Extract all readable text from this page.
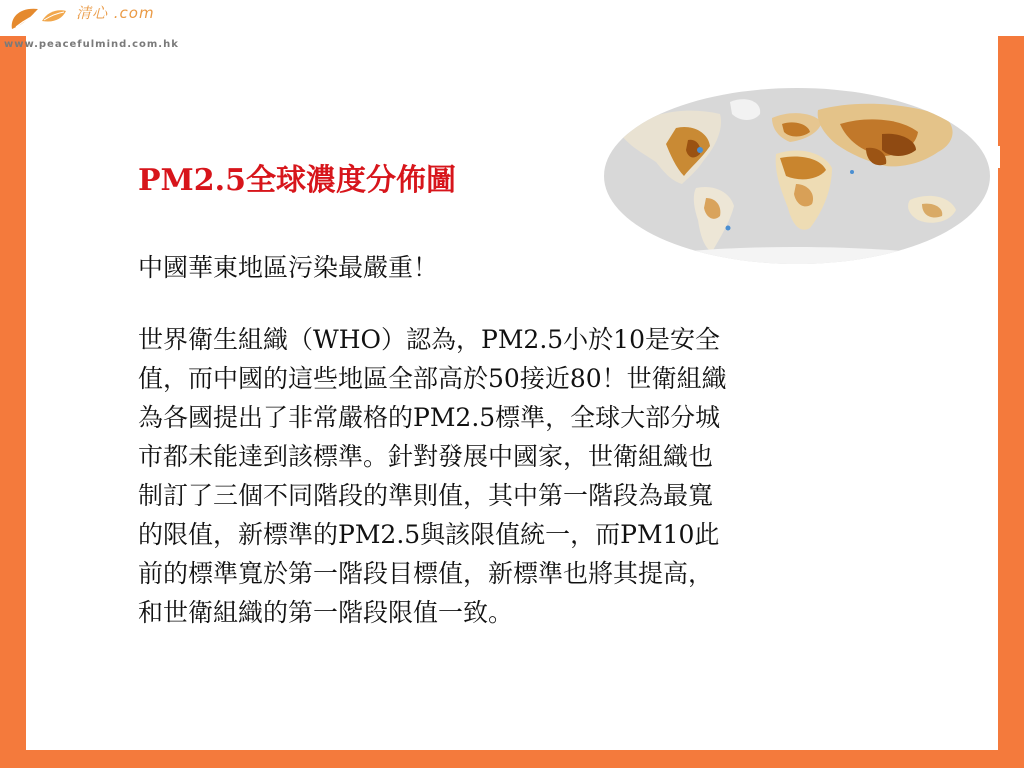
清心 .com
www.peacefulmind.com.hk
PM2.5全球濃度分佈圖
中國華東地區污染最嚴重！
世界衛生組織（WHO）認為，PM2.5小於10是安全
值，而中國的這些地區全部高於50接近80！世衛組織
為各國提出了非常嚴格的PM2.5標準，全球大部分城
市都未能達到該標準。針對發展中國家，世衛組織也
制訂了三個不同階段的準則值，其中第一階段為最寬
的限值，新標準的PM2.5與該限值統一，而PM10此
前的標準寬於第一階段目標值，新標準也將其提高，
和世衛組織的第一階段限值一致。
